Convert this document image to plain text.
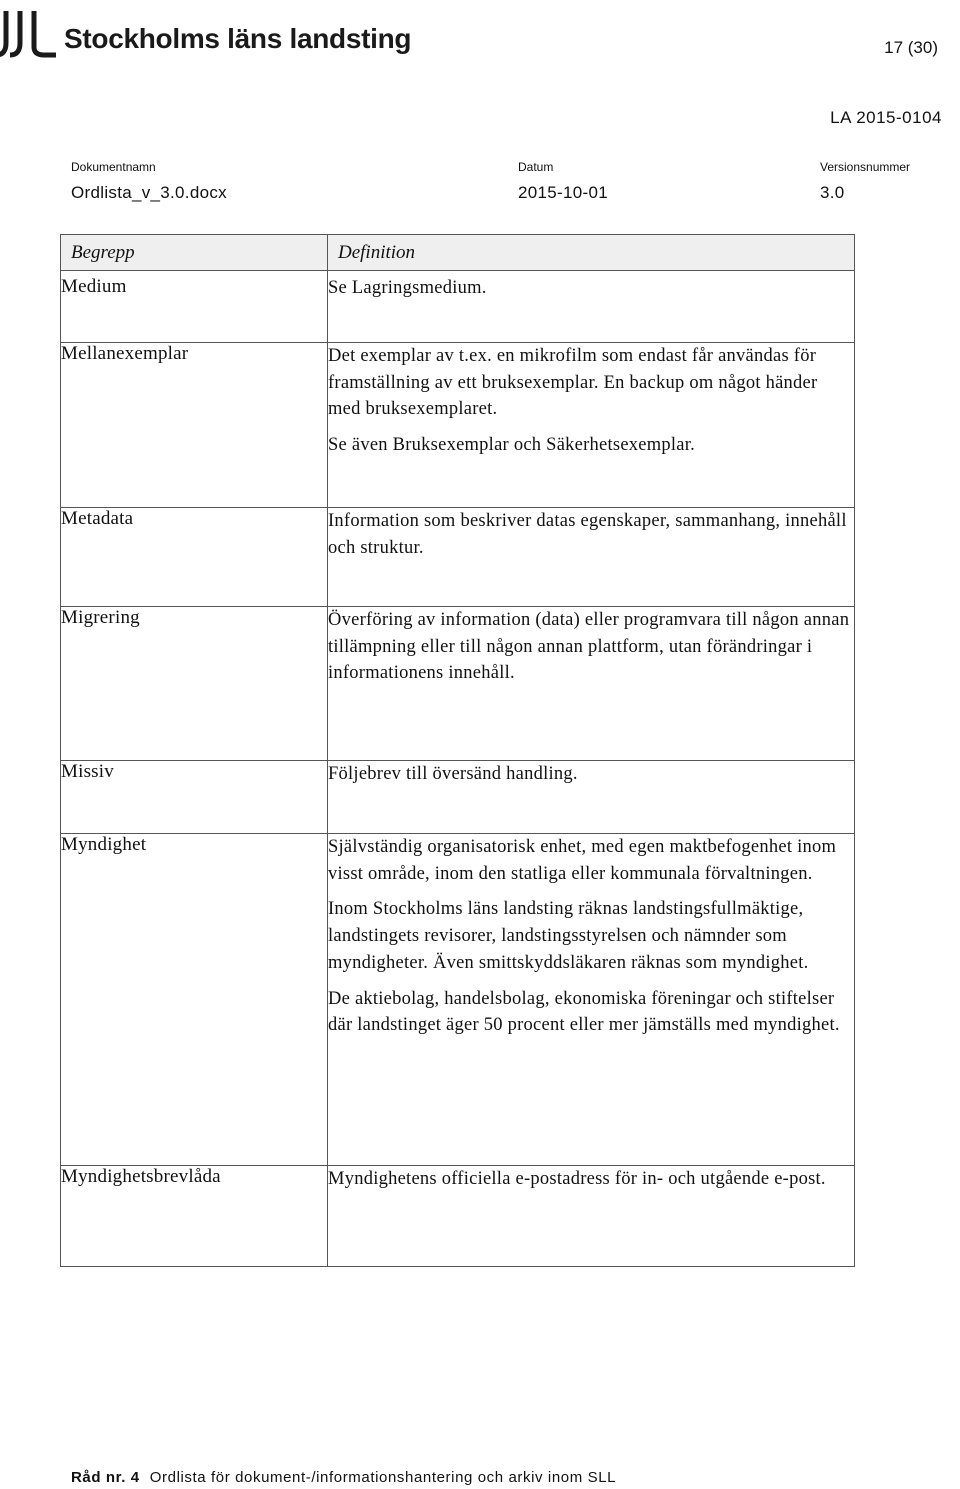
Stockholms läns landsting	17 (30)
LA 2015-0104
Dokumentnamn	Datum	Versionsnummer
Ordlista_v_3.0.docx	2015-10-01	3.0
Begrepp	Definition
Medium	Se Lagringsmedium.

Mellanexemplar	Det exemplar av t.ex. en mikrofilm som endast får användas för framställning av ett bruksexemplar. En backup om något händer med bruksexemplaret.

Se även Bruksexemplar och Säkerhetsexemplar.

Metadata	Information som beskriver datas egenskaper, sammanhang, innehåll och struktur.

Migrering	Överföring av information (data) eller programvara till någon annan tillämpning eller till någon annan plattform, utan förändringar i informationens innehåll.

Missiv	Följebrev till översänd handling.

Myndighet	Självständig organisatorisk enhet, med egen maktbefogenhet inom visst område, inom den statliga eller kommunala förvaltningen.

Inom Stockholms läns landsting räknas landstingsfullmäktige, landstingets revisorer, landstingsstyrelsen och nämnder som myndigheter. Även smittskyddsläkaren räknas som myndighet.

De aktiebolag, handelsbolag, ekonomiska föreningar och stiftelser där landstinget äger 50 procent eller mer jämställs med myndighet.

Myndighetsbrevlåda	Myndighetens officiella e-postadress för in- och utgående e-post.

Råd nr. 4 Ordlista för dokument-/informationshantering och arkiv inom SLL
